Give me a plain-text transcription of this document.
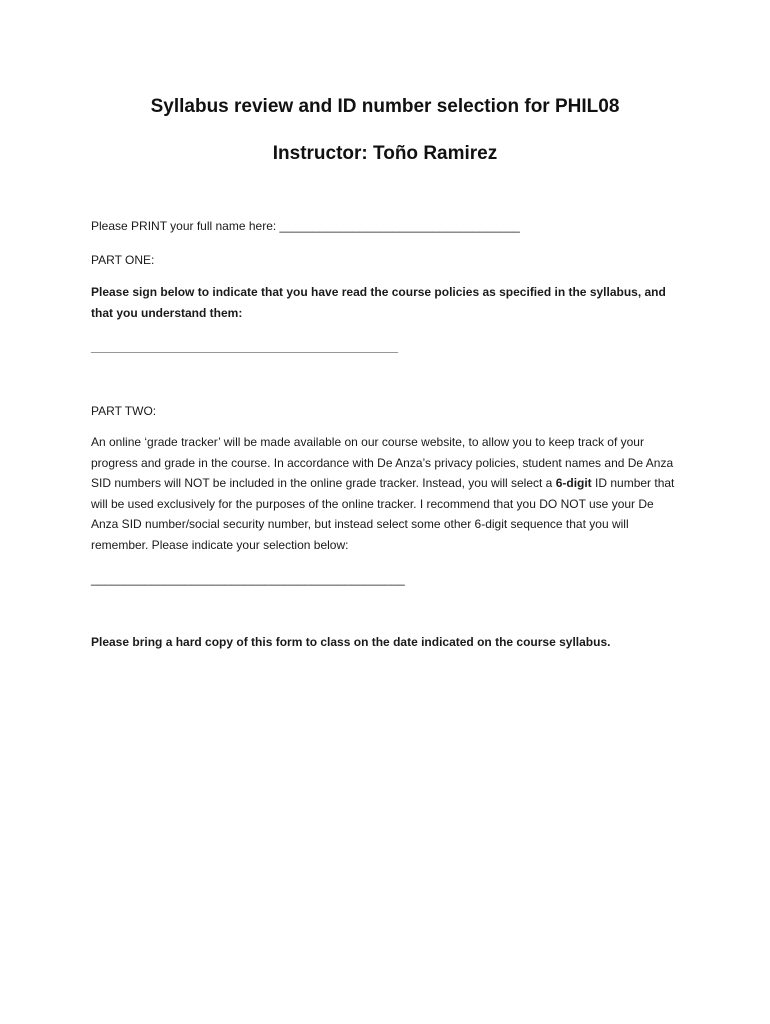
Syllabus review and ID number selection for PHIL08
Instructor: Toño Ramirez

Please PRINT your full name here: ____________________________________

PART ONE:

Please sign below to indicate that you have read the course policies as specified in the syllabus, and that you understand them:

______________________________________________

PART TWO:

An online ‘grade tracker’ will be made available on our course website, to allow you to keep track of your progress and grade in the course. In accordance with De Anza’s privacy policies, student names and De Anza SID numbers will NOT be included in the online grade tracker. Instead, you will select a 6-digit ID number that will be used exclusively for the purposes of the online tracker. I recommend that you DO NOT use your De Anza SID number/social security number, but instead select some other 6-digit sequence that you will remember. Please indicate your selection below:

_______________________________________________

Please bring a hard copy of this form to class on the date indicated on the course syllabus.
